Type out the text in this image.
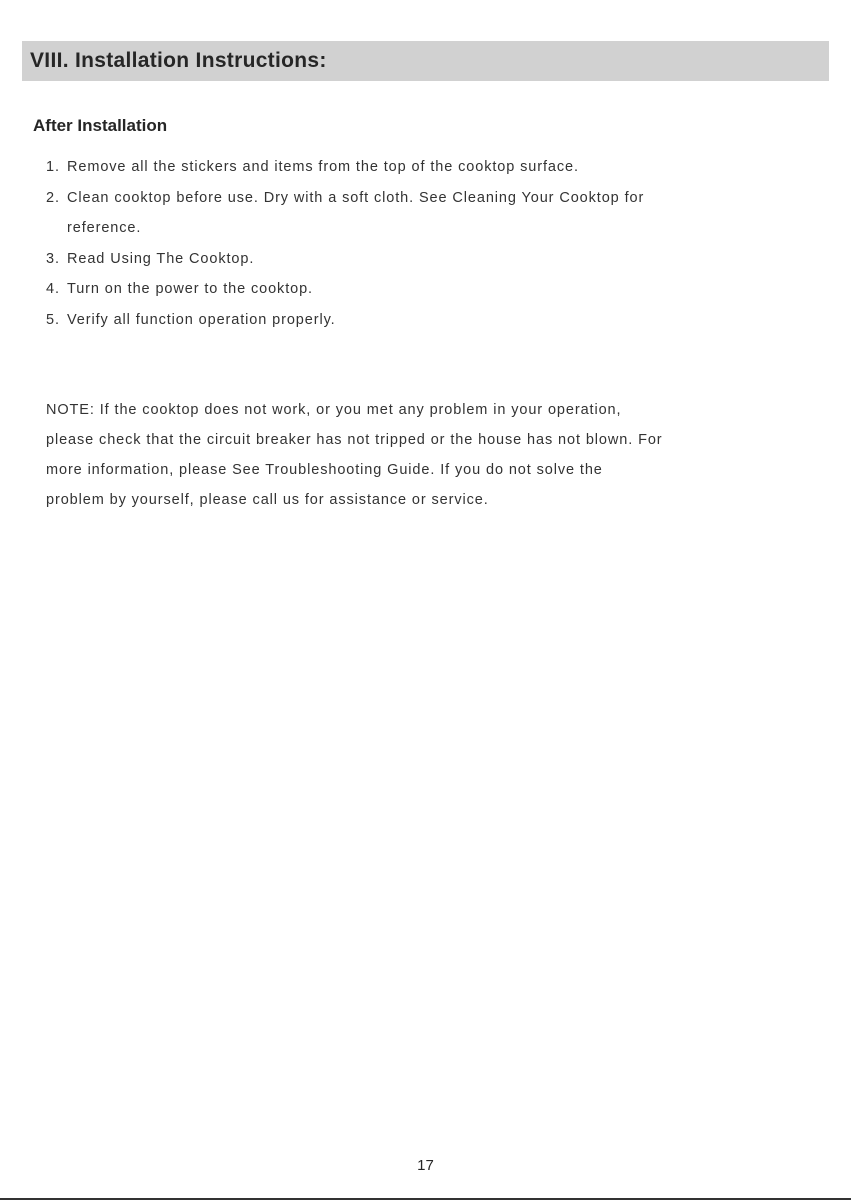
VIII. Installation Instructions:
After Installation
1. Remove all the stickers and items from the top of the cooktop surface.
2. Clean cooktop before use. Dry with a soft cloth. See Cleaning Your Cooktop for reference.
3. Read Using The Cooktop.
4. Turn on the power to the cooktop.
5. Verify all function operation properly.

NOTE: If the cooktop does not work, or you met any problem in your operation, please check that the circuit breaker has not tripped or the house has not blown. For more information, please See Troubleshooting Guide. If you do not solve the problem by yourself, please call us for assistance or service.

17
